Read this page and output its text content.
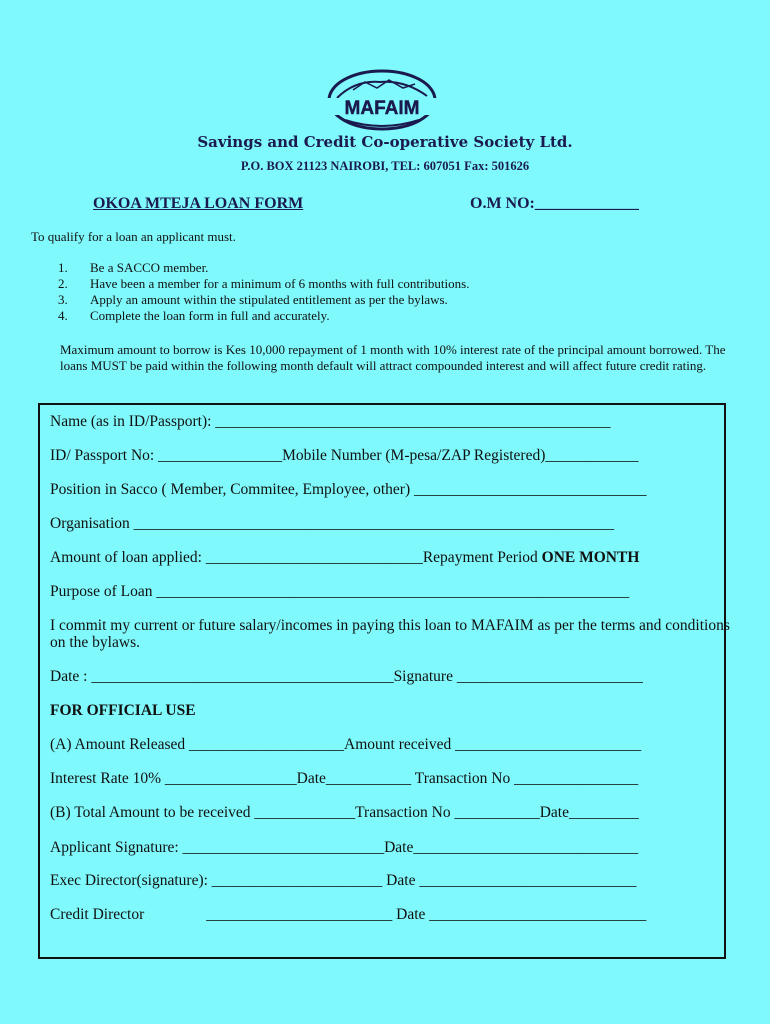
MAFAIM
Savings and Credit Co-operative Society Ltd.
P.O. BOX 21123 NAIROBI, TEL: 607051 Fax: 501626
OKOA MTEJA LOAN FORM	O.M NO:_____________
To qualify for a loan an applicant must.
1. Be a SACCO member.
2. Have been a member for a minimum of 6 months with full contributions.
3. Apply an amount within the stipulated entitlement as per the bylaws.
4. Complete the loan form in full and accurately.
Maximum amount to borrow is Kes 10,000 repayment of 1 month with 10% interest rate of the principal amount borrowed. The loans MUST be paid within the following month default will attract compounded interest and will affect future credit rating.
Name (as in ID/Passport): ___________________________________________________
ID/ Passport No: ________________Mobile Number (M-pesa/ZAP Registered)____________
Position in Sacco ( Member, Commitee, Employee, other) ______________________________
Organisation ______________________________________________________________
Amount of loan applied: ____________________________Repayment Period ONE MONTH
Purpose of Loan _____________________________________________________________
I commit my current or future salary/incomes in paying this loan to MAFAIM as per the terms and conditions on the bylaws.
Date : _______________________________________Signature ________________________
FOR OFFICIAL USE
(A) Amount Released ____________________Amount received ________________________
Interest Rate 10% _________________Date___________ Transaction No ________________
(B) Total Amount to be received _____________Transaction No ___________Date_________
Applicant Signature: __________________________Date_____________________________
Exec Director(signature): ______________________ Date ____________________________
Credit Director	________________________ Date ____________________________
